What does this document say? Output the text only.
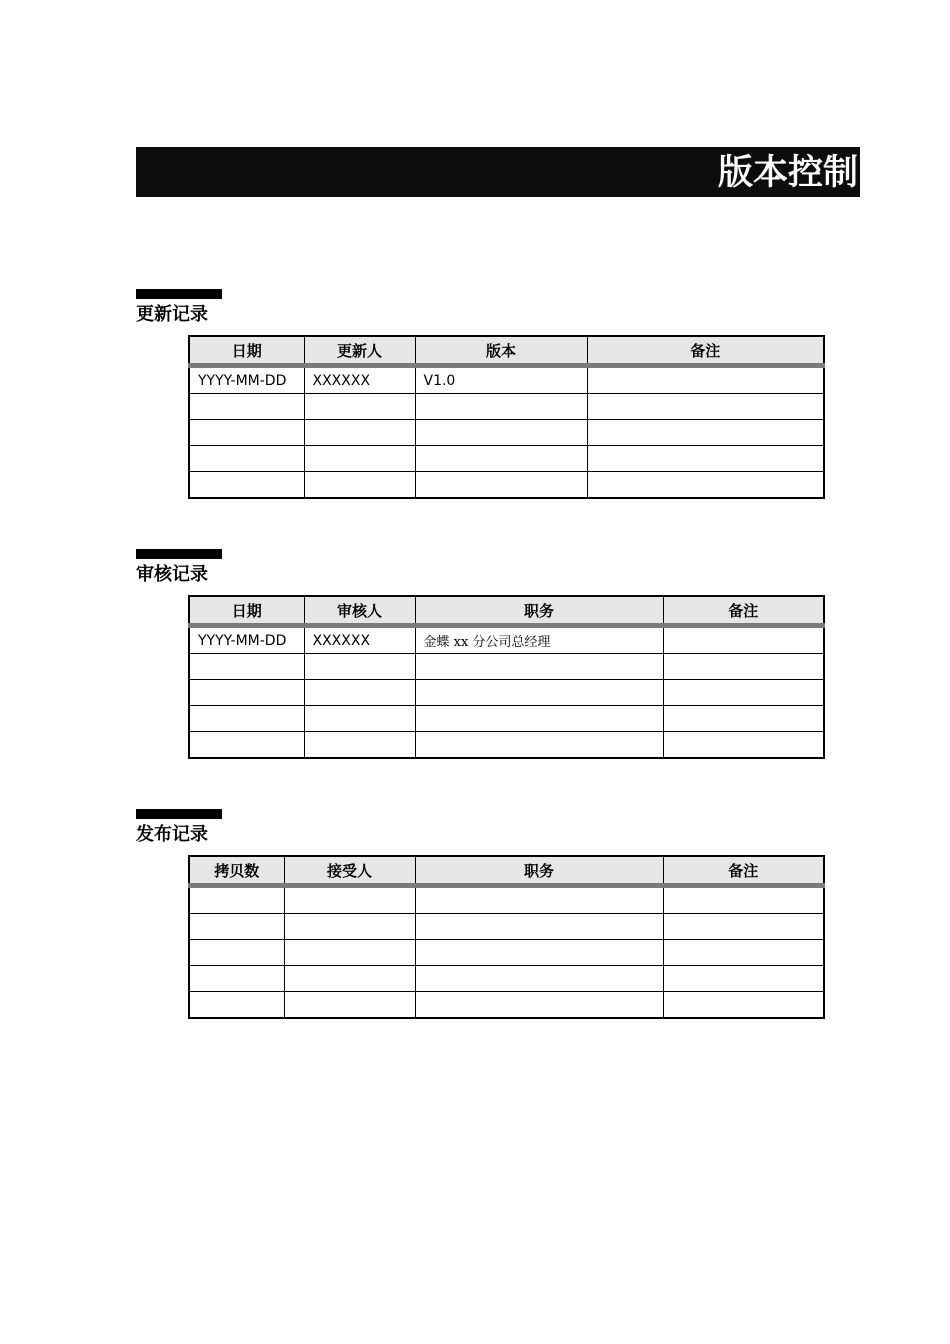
版本控制
更新记录
日期	更新人	版本	备注
YYYY-MM-DD	XXXXXX	V1.0	

审核记录
日期	审核人	职务	备注
YYYY-MM-DD	XXXXXX	金蝶 xx 分公司总经理	

发布记录
拷贝数	接受人	职务	备注
